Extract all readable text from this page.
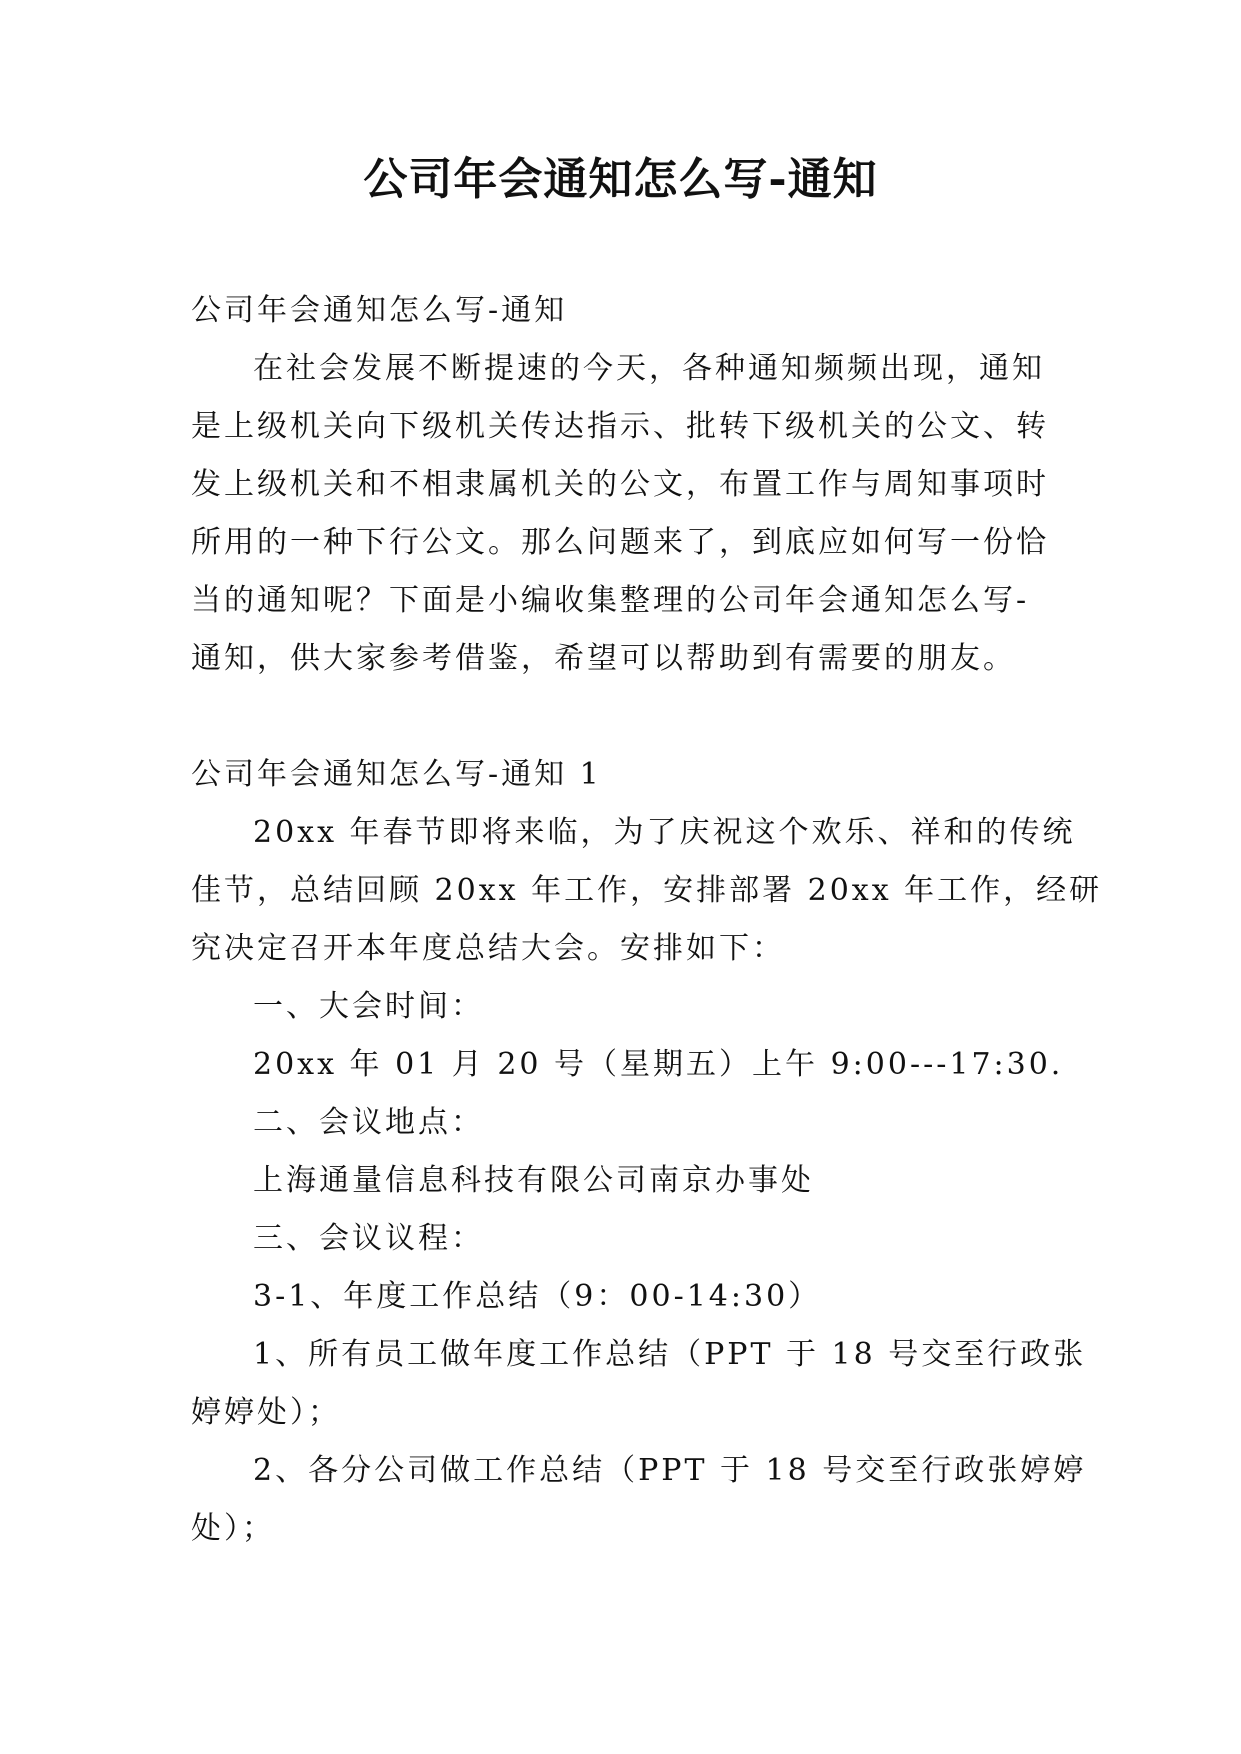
公司年会通知怎么写-通知

公司年会通知怎么写-通知

在社会发展不断提速的今天，各种通知频频出现，通知

是上级机关向下级机关传达指示、批转下级机关的公文、转

发上级机关和不相隶属机关的公文，布置工作与周知事项时

所用的一种下行公文。那么问题来了，到底应如何写一份恰

当的通知呢？下面是小编收集整理的公司年会通知怎么写-

通知，供大家参考借鉴，希望可以帮助到有需要的朋友。

公司年会通知怎么写-通知 1

20xx 年春节即将来临，为了庆祝这个欢乐、祥和的传统

佳节，总结回顾 20xx 年工作，安排部署 20xx 年工作，经研

究决定召开本年度总结大会。安排如下：

一、大会时间：

20xx 年 01 月 20 号（星期五）上午 9:00---17:30.

二、会议地点：

上海通量信息科技有限公司南京办事处

三、会议议程：

3-1、年度工作总结（9：00-14:30）

1、所有员工做年度工作总结（PPT 于 18 号交至行政张

婷婷处）；

2、各分公司做工作总结（PPT 于 18 号交至行政张婷婷

处）；
